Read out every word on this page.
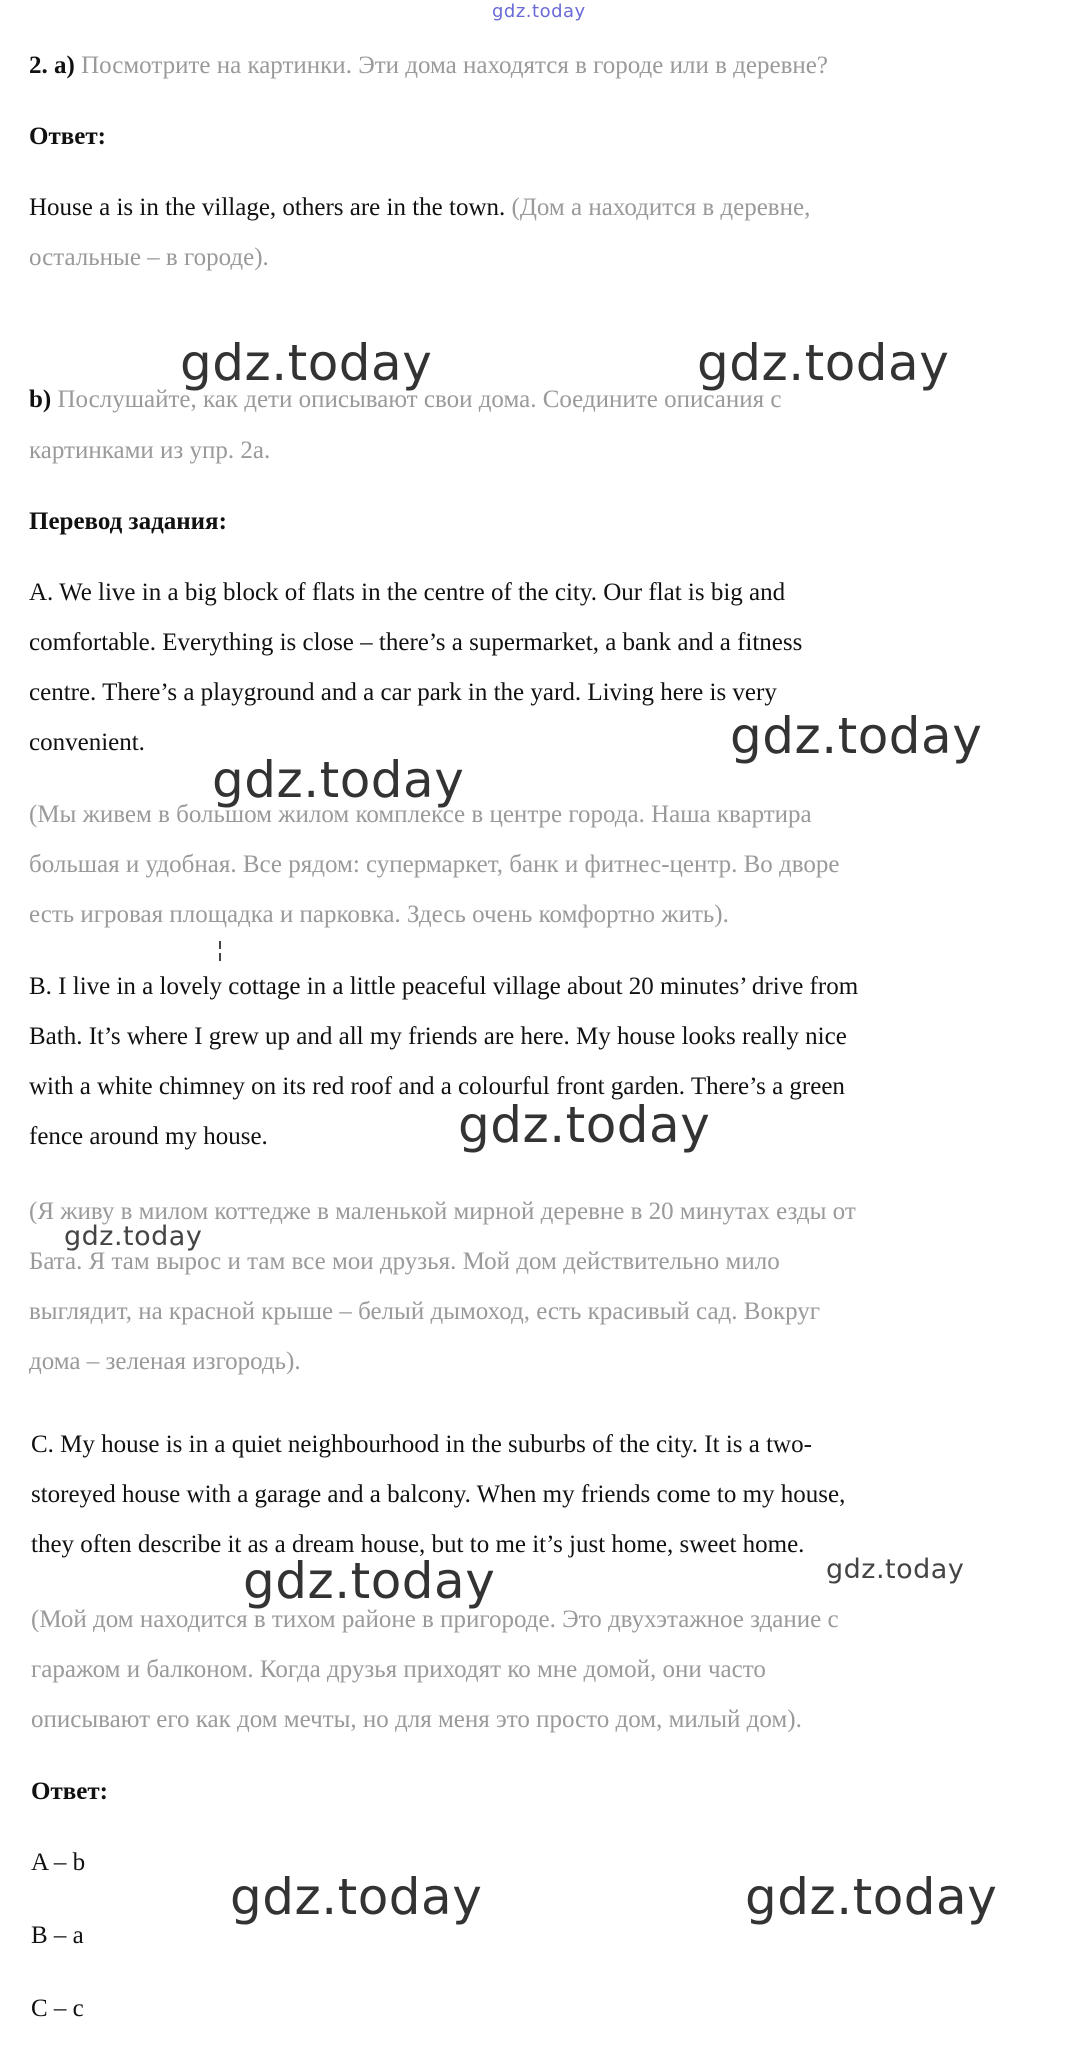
gdz.today

2. а) Посмотрите на картинки. Эти дома находятся в городе или в деревне?

Ответ:

House a is in the village, others are in the town. (Дом а находится в деревне,

остальные – в городе).

gdz.today	gdz.today

b) Послушайте, как дети описывают свои дома. Соедините описания с

картинками из упр. 2а.

Перевод задания:

A. We live in a big block of flats in the centre of the city. Our flat is big and

comfortable. Everything is close – there’s a supermarket, a bank and a fitness

centre. There’s a playground and a car park in the yard. Living here is very

convenient.	gdz.today
gdz.today

(Мы живем в большом жилом комплексе в центре города. Наша квартира

большая и удобная. Все рядом: супермаркет, банк и фитнес-центр. Во дворе

есть игровая площадка и парковка. Здесь очень комфортно жить).

B. I live in a lovely cottage in a little peaceful village about 20 minutes’ drive from

Bath. It’s where I grew up and all my friends are here. My house looks really nice

with a white chimney on its red roof and a colourful front garden. There’s a green

fence around my house.	gdz.today

(Я живу в милом коттедже в маленькой мирной деревне в 20 минутах езды от

gdz.today

Бата. Я там вырос и там все мои друзья. Мой дом действительно мило

выглядит, на красной крыше – белый дымоход, есть красивый сад. Вокруг

дома – зеленая изгородь).

C. My house is in a quiet neighbourhood in the suburbs of the city. It is a two-

storeyed house with a garage and a balcony. When my friends come to my house,

they often describe it as a dream house, but to me it’s just home, sweet home.

gdz.today
gdz.today

(Мой дом находится в тихом районе в пригороде. Это двухэтажное здание с

гаражом и балконом. Когда друзья приходят ко мне домой, они часто

описывают его как дом мечты, но для меня это просто дом, милый дом).

Ответ:

A – b

gdz.today	gdz.today

B – a

C – c
